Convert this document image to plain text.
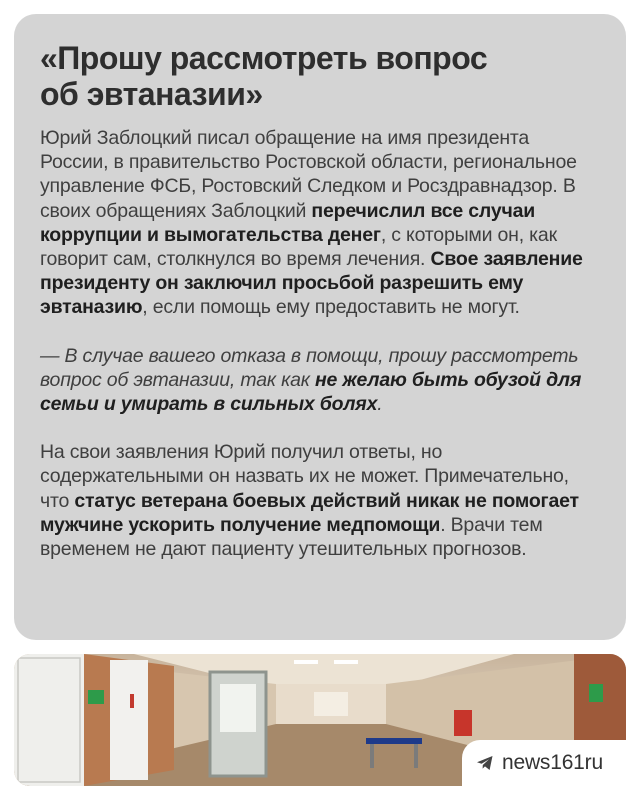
«Прошу рассмотреть вопрос
об эвтаназии»

Юрий Заблоцкий писал обращение на имя президента России, в правительство Ростовской области, региональное управление ФСБ, Ростовский Следком и Росздравнадзор. В своих обращениях Заблоцкий перечислил все случаи коррупции и вымогательства денег, с которыми он, как говорит сам, столкнулся во время лечения. Свое заявление президенту он заключил просьбой разрешить ему эвтаназию, если помощь ему предоставить не могут.

— В случае вашего отказа в помощи, прошу рассмотреть вопрос об эвтаназии, так как не желаю быть обузой для семьи и умирать в сильных болях.

На свои заявления Юрий получил ответы, но содержательными он назвать их не может. Примечательно, что статус ветерана боевых действий никак не помогает мужчине ускорить получение медпомощи. Врачи тем временем не дают пациенту утешительных прогнозов.

news161ru
